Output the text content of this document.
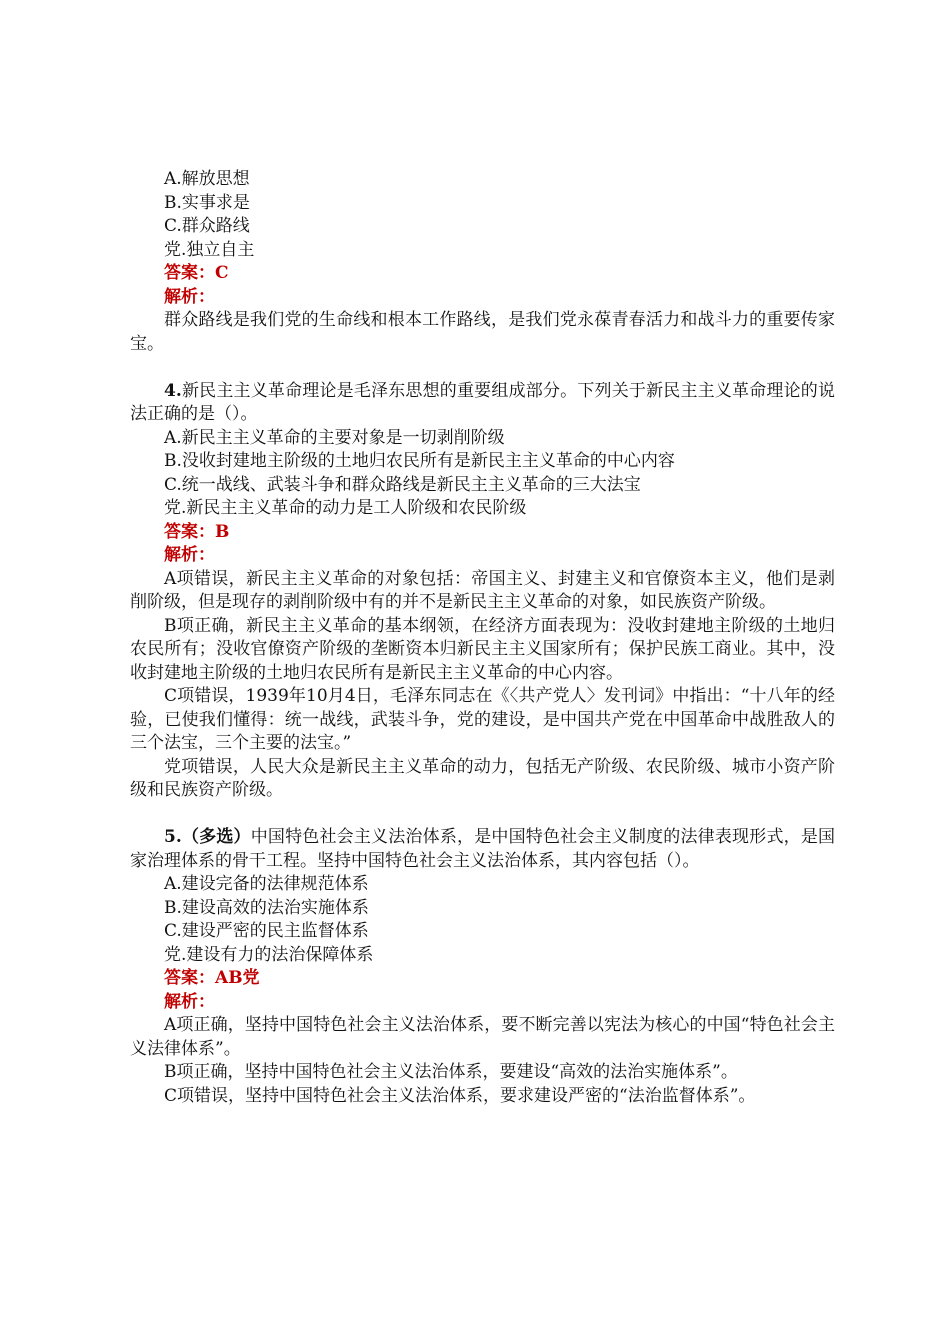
A.解放思想
B.实事求是
C.群众路线
党.独立自主
答案：C
解析：
群众路线是我们党的生命线和根本工作路线，是我们党永葆青春活力和战斗力的重要传家宝。
4.新民主主义革命理论是毛泽东思想的重要组成部分。下列关于新民主主义革命理论的说法正确的是（）。
A.新民主主义革命的主要对象是一切剥削阶级
B.没收封建地主阶级的土地归农民所有是新民主主义革命的中心内容
C.统一战线、武装斗争和群众路线是新民主主义革命的三大法宝
党.新民主主义革命的动力是工人阶级和农民阶级
答案：B
解析：
A项错误，新民主主义革命的对象包括：帝国主义、封建主义和官僚资本主义，他们是剥削阶级，但是现存的剥削阶级中有的并不是新民主主义革命的对象，如民族资产阶级。
B项正确，新民主主义革命的基本纲领，在经济方面表现为：没收封建地主阶级的土地归农民所有；没收官僚资产阶级的垄断资本归新民主主义国家所有；保护民族工商业。其中，没收封建地主阶级的土地归农民所有是新民主主义革命的中心内容。
C项错误，1939年10月4日，毛泽东同志在《〈共产党人〉发刊词》中指出：“十八年的经验，已使我们懂得：统一战线，武装斗争，党的建设，是中国共产党在中国革命中战胜敌人的三个法宝，三个主要的法宝。”
党项错误，人民大众是新民主主义革命的动力，包括无产阶级、农民阶级、城市小资产阶级和民族资产阶级。
5.（多选）中国特色社会主义法治体系，是中国特色社会主义制度的法律表现形式，是国家治理体系的骨干工程。坚持中国特色社会主义法治体系，其内容包括（）。
A.建设完备的法律规范体系
B.建设高效的法治实施体系
C.建设严密的民主监督体系
党.建设有力的法治保障体系
答案：AB党
解析：
A项正确，坚持中国特色社会主义法治体系，要不断完善以宪法为核心的中国“特色社会主义法律体系”。
B项正确，坚持中国特色社会主义法治体系，要建设“高效的法治实施体系”。
C项错误，坚持中国特色社会主义法治体系，要求建设严密的“法治监督体系”。
